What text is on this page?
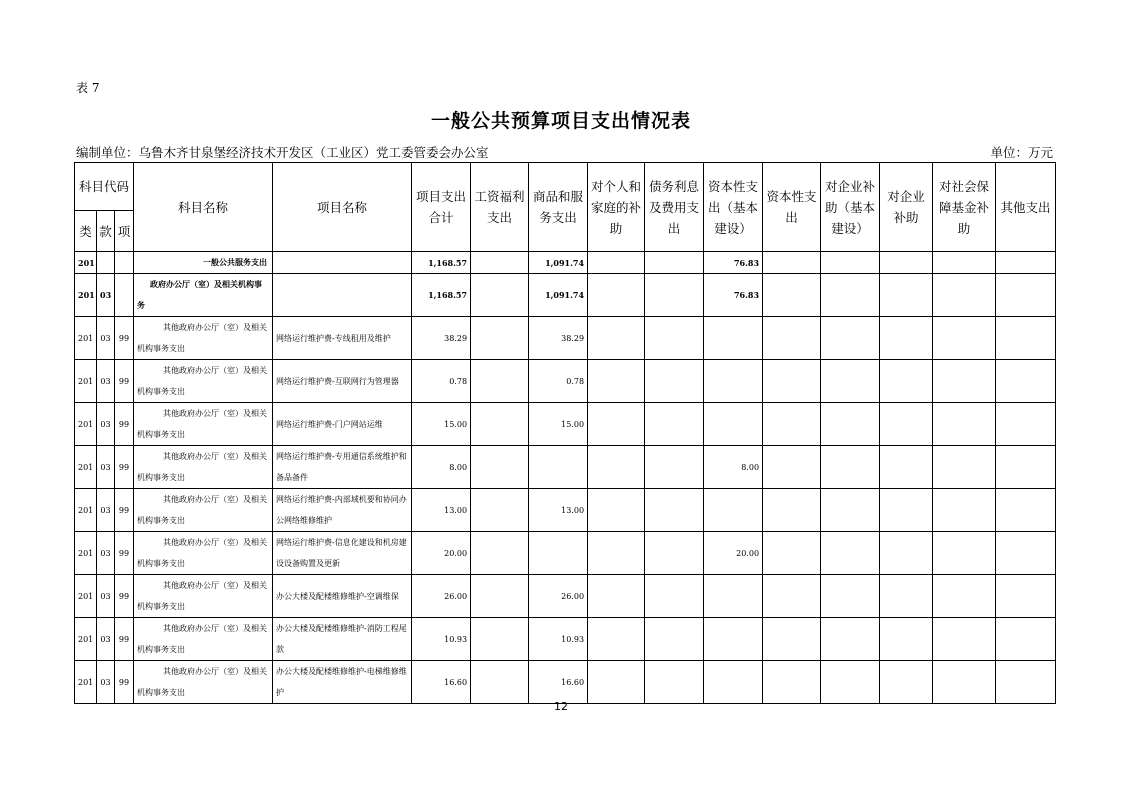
表 7
一般公共预算项目支出情况表
编制单位：乌鲁木齐甘泉堡经济技术开发区（工业区）党工委管委会办公室	单位：万元
科目代码			科目名称	项目名称	项目支出合计	工资福利支出	商品和服务支出	对个人和家庭的补助	债务利息及费用支出	资本性支出（基本建设）	资本性支出	对企业补助（基本建设）	对企业补助	对社会保障基金补助	其他支出
类	款	项													
201			一般公共服务支出		1,168.57		1,091.74			76.83					
201	03		政府办公厅（室）及相关机构事务		1,168.57		1,091.74			76.83					
201	03	99	其他政府办公厅（室）及相关机构事务支出	网络运行维护费-专线租用及维护	38.29		38.29								
201	03	99	其他政府办公厅（室）及相关机构事务支出	网络运行维护费-互联网行为管理器	0.78		0.78								
201	03	99	其他政府办公厅（室）及相关机构事务支出	网络运行维护费-门户网站运维	15.00		15.00								
201	03	99	其他政府办公厅（室）及相关机构事务支出	网络运行维护费-专用通信系统维护和备品备件	8.00					8.00					
201	03	99	其他政府办公厅（室）及相关机构事务支出	网络运行维护费-内部域机要和协同办公网络维修维护	13.00		13.00								
201	03	99	其他政府办公厅（室）及相关机构事务支出	网络运行维护费-信息化建设和机房建设设备购置及更新	20.00					20.00					
201	03	99	其他政府办公厅（室）及相关机构事务支出	办公大楼及配楼维修维护-空调维保	26.00		26.00								
201	03	99	其他政府办公厅（室）及相关机构事务支出	办公大楼及配楼维修维护-消防工程尾款	10.93		10.93								
201	03	99	其他政府办公厅（室）及相关机构事务支出	办公大楼及配楼维修维护-电梯维修维护	16.60		16.60								
12
